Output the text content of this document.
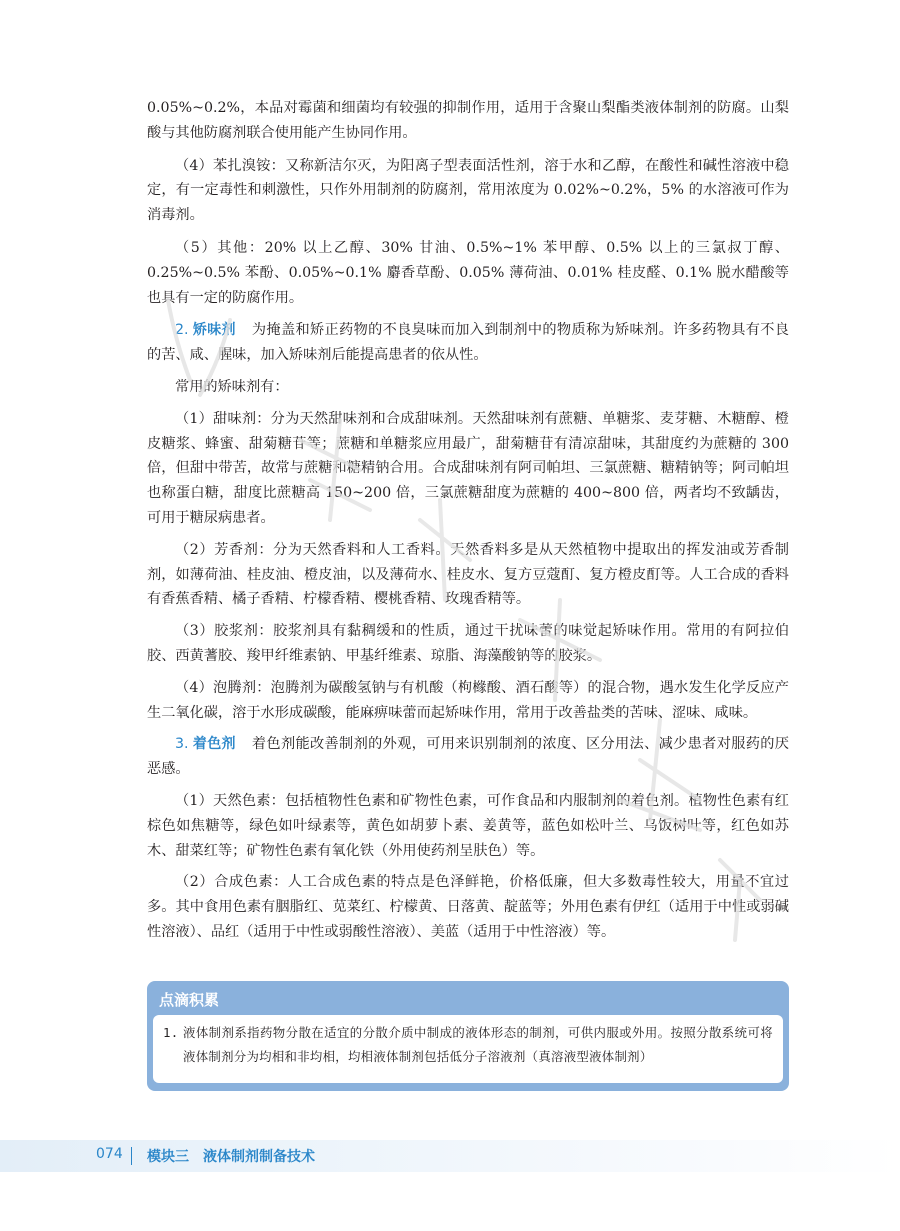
0.05%~0.2%，本品对霉菌和细菌均有较强的抑制作用，适用于含聚山梨酯类液体制剂的防腐。山梨酸与其他防腐剂联合使用能产生协同作用。

（4）苯扎溴铵：又称新洁尔灭，为阳离子型表面活性剂，溶于水和乙醇，在酸性和碱性溶液中稳定，有一定毒性和刺激性，只作外用制剂的防腐剂，常用浓度为 0.02%~0.2%，5% 的水溶液可作为消毒剂。

（5）其他：20% 以上乙醇、30% 甘油、0.5%~1% 苯甲醇、0.5% 以上的三氯叔丁醇、0.25%~0.5% 苯酚、0.05%~0.1% 麝香草酚、0.05% 薄荷油、0.01% 桂皮醛、0.1% 脱水醋酸等也具有一定的防腐作用。

2. 矫味剂 为掩盖和矫正药物的不良臭味而加入到制剂中的物质称为矫味剂。许多药物具有不良的苦、咸、腥味，加入矫味剂后能提高患者的依从性。

常用的矫味剂有：

（1）甜味剂：分为天然甜味剂和合成甜味剂。天然甜味剂有蔗糖、单糖浆、麦芽糖、木糖醇、橙皮糖浆、蜂蜜、甜菊糖苷等；蔗糖和单糖浆应用最广，甜菊糖苷有清凉甜味，其甜度约为蔗糖的 300 倍，但甜中带苦，故常与蔗糖和糖精钠合用。合成甜味剂有阿司帕坦、三氯蔗糖、糖精钠等；阿司帕坦也称蛋白糖，甜度比蔗糖高 150~200 倍，三氯蔗糖甜度为蔗糖的 400~800 倍，两者均不致龋齿，可用于糖尿病患者。

（2）芳香剂：分为天然香料和人工香料。天然香料多是从天然植物中提取出的挥发油或芳香制剂，如薄荷油、桂皮油、橙皮油，以及薄荷水、桂皮水、复方豆蔻酊、复方橙皮酊等。人工合成的香料有香蕉香精、橘子香精、柠檬香精、樱桃香精、玫瑰香精等。

（3）胶浆剂：胶浆剂具有黏稠缓和的性质，通过干扰味蕾的味觉起矫味作用。常用的有阿拉伯胶、西黄蓍胶、羧甲纤维素钠、甲基纤维素、琼脂、海藻酸钠等的胶浆。

（4）泡腾剂：泡腾剂为碳酸氢钠与有机酸（枸橼酸、酒石酸等）的混合物，遇水发生化学反应产生二氧化碳，溶于水形成碳酸，能麻痹味蕾而起矫味作用，常用于改善盐类的苦味、涩味、咸味。

3. 着色剂 着色剂能改善制剂的外观，可用来识别制剂的浓度、区分用法、减少患者对服药的厌恶感。

（1）天然色素：包括植物性色素和矿物性色素，可作食品和内服制剂的着色剂。植物性色素有红棕色如焦糖等，绿色如叶绿素等，黄色如胡萝卜素、姜黄等，蓝色如松叶兰、乌饭树叶等，红色如苏木、甜菜红等；矿物性色素有氧化铁（外用使药剂呈肤色）等。

（2）合成色素：人工合成色素的特点是色泽鲜艳，价格低廉，但大多数毒性较大，用量不宜过多。其中食用色素有胭脂红、苋菜红、柠檬黄、日落黄、靛蓝等；外用色素有伊红（适用于中性或弱碱性溶液）、品红（适用于中性或弱酸性溶液）、美蓝（适用于中性溶液）等。

点滴积累
1. 液体制剂系指药物分散在适宜的分散介质中制成的液体形态的制剂，可供内服或外用。按照分散系统可将液体制剂分为均相和非均相，均相液体制剂包括低分子溶液剂（真溶液型液体制剂）
074 模块三　液体制剂制备技术
